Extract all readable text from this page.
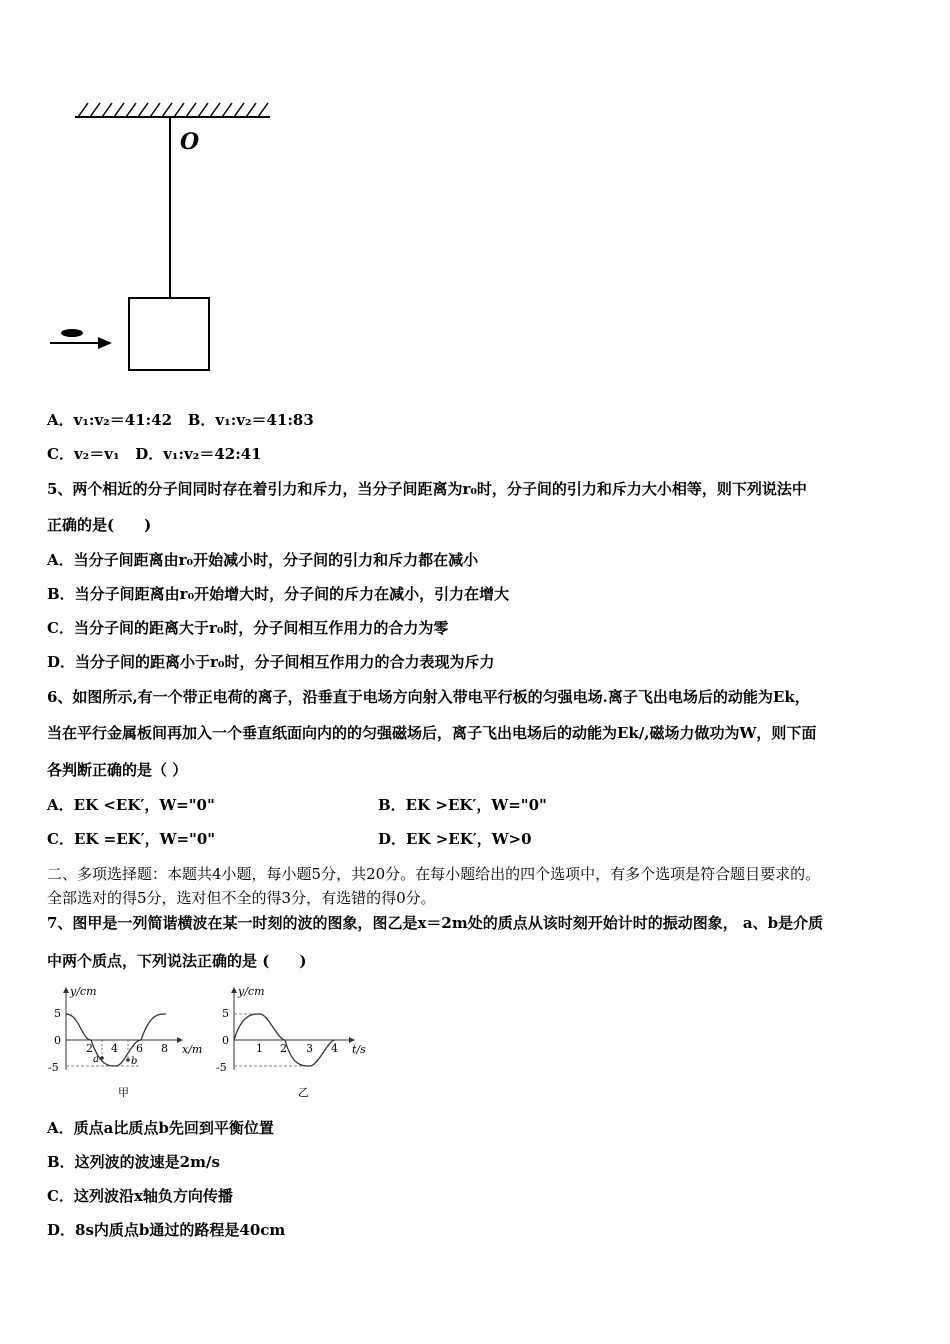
O
A．v₁:v₂＝41:42 B．v₁:v₂＝41:83
C．v₂＝v₁ D．v₁:v₂＝42:41
5、两个相近的分子间同时存在着引力和斥力，当分子间距离为r₀时，分子间的引力和斥力大小相等，则下列说法中
正确的是(　　)
A．当分子间距离由r₀开始减小时，分子间的引力和斥力都在减小
B．当分子间距离由r₀开始增大时，分子间的斥力在减小，引力在增大
C．当分子间的距离大于r₀时，分子间相互作用力的合力为零
D．当分子间的距离小于r₀时，分子间相互作用力的合力表现为斥力
6、如图所示,有一个带正电荷的离子，沿垂直于电场方向射入带电平行板的匀强电场.离子飞出电场后的动能为Ek，
当在平行金属板间再加入一个垂直纸面向内的的匀强磁场后，离子飞出电场后的动能为Ek/,磁场力做功为W，则下面
各判断正确的是（ ）
A．EK <EK′，W="0"	B．EK >EK′，W="0"
C．EK =EK′，W="0"	D．EK >EK′，W>0
二、多项选择题：本题共4小题，每小题5分，共20分。在每小题给出的四个选项中，有多个选项是符合题目要求的。
全部选对的得5分，选对但不全的得3分，有选错的得0分。
7、图甲是一列简谐横波在某一时刻的波的图象，图乙是x＝2m处的质点从该时刻开始计时的振动图象， a、b是介质
中两个质点，下列说法正确的是 (　　)
y/cm
x/m
5
0
-5
2 4 6 8
a	b
甲
y/cm
t/s
5
0
-5
1 2 3 4
乙
A．质点a比质点b先回到平衡位置
B．这列波的波速是2m/s
C．这列波沿x轴负方向传播
D．8s内质点b通过的路程是40cm
